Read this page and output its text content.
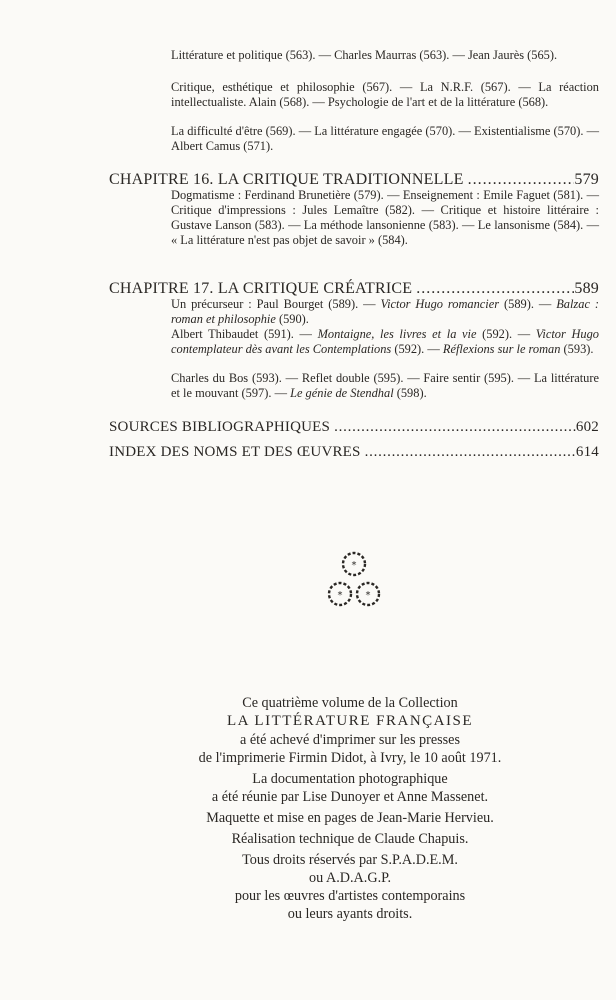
Littérature et politique (563). — Charles Maurras (563). — Jean Jaurès (565).
Critique, esthétique et philosophie (567). — La N.R.F. (567). — La réaction intellectualiste. Alain (568). — Psychologie de l'art et de la littérature (568).
La difficulté d'être (569). — La littérature engagée (570). — Existentialisme (570). — Albert Camus (571).
CHAPITRE 16. LA CRITIQUE TRADITIONNELLE . . .	579
Dogmatisme : Ferdinand Brunetière (579). — Enseignement : Emile Faguet (581). — Critique d'impressions : Jules Lemaître (582). — Critique et histoire littéraire : Gustave Lanson (583). — La méthode lansonienne (583). — Le lansonisme (584). — « La littérature n'est pas objet de savoir » (584).
CHAPITRE 17. LA CRITIQUE CRÉATRICE . . .	589
Un précurseur : Paul Bourget (589). — Victor Hugo romancier (589). — Balzac : roman et philosophie (590).
Albert Thibaudet (591). — Montaigne, les livres et la vie (592). — Victor Hugo contemplateur dès avant les Contemplations (592). — Réflexions sur le roman (593).
Charles du Bos (593). — Reflet double (595). — Faire sentir (595). — La littérature et le mouvant (597). — Le génie de Stendhal (598).
SOURCES BIBLIOGRAPHIQUES . . .	602
INDEX DES NOMS ET DES ŒUVRES . . .	614
*
* *
Ce quatrième volume de la Collection
LA LITTÉRATURE FRANÇAISE
a été achevé d'imprimer sur les presses
de l'imprimerie Firmin Didot, à Ivry, le 10 août 1971.
La documentation photographique
a été réunie par Lise Dunoyer et Anne Massenet.
Maquette et mise en pages de Jean-Marie Hervieu.
Réalisation technique de Claude Chapuis.
Tous droits réservés par S.P.A.D.E.M.
ou A.D.A.G.P.
pour les œuvres d'artistes contemporains
ou leurs ayants droits.
